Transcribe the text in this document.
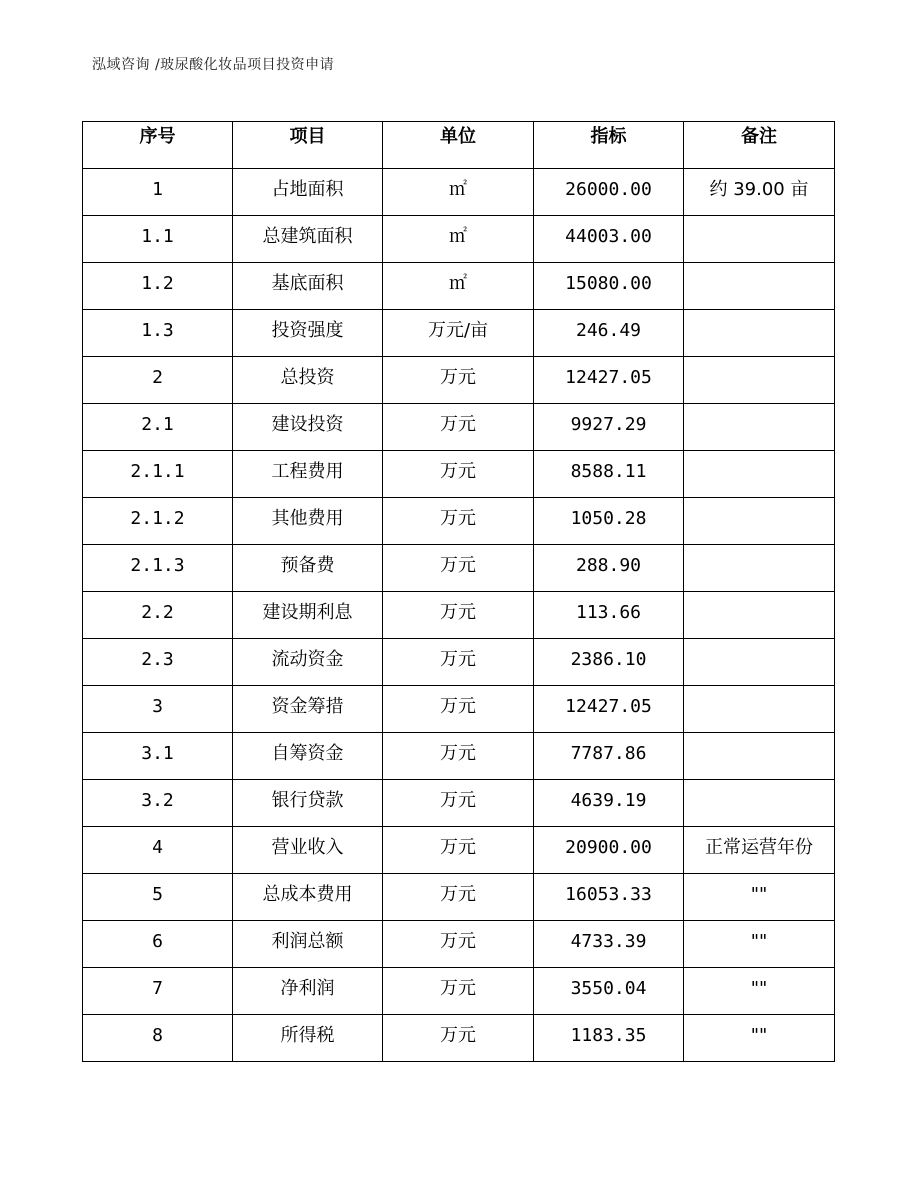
泓域咨询 /玻尿酸化妆品项目投资申请
序号	项目	单位	指标	备注
1	占地面积	㎡	26000.00	约 39.00 亩
1.1	总建筑面积	㎡	44003.00	
1.2	基底面积	㎡	15080.00	
1.3	投资强度	万元/亩	246.49	
2	总投资	万元	12427.05	
2.1	建设投资	万元	9927.29	
2.1.1	工程费用	万元	8588.11	
2.1.2	其他费用	万元	1050.28	
2.1.3	预备费	万元	288.90	
2.2	建设期利息	万元	113.66	
2.3	流动资金	万元	2386.10	
3	资金筹措	万元	12427.05	
3.1	自筹资金	万元	7787.86	
3.2	银行贷款	万元	4639.19	
4	营业收入	万元	20900.00	正常运营年份
5	总成本费用	万元	16053.33	""
6	利润总额	万元	4733.39	""
7	净利润	万元	3550.04	""
8	所得税	万元	1183.35	""
